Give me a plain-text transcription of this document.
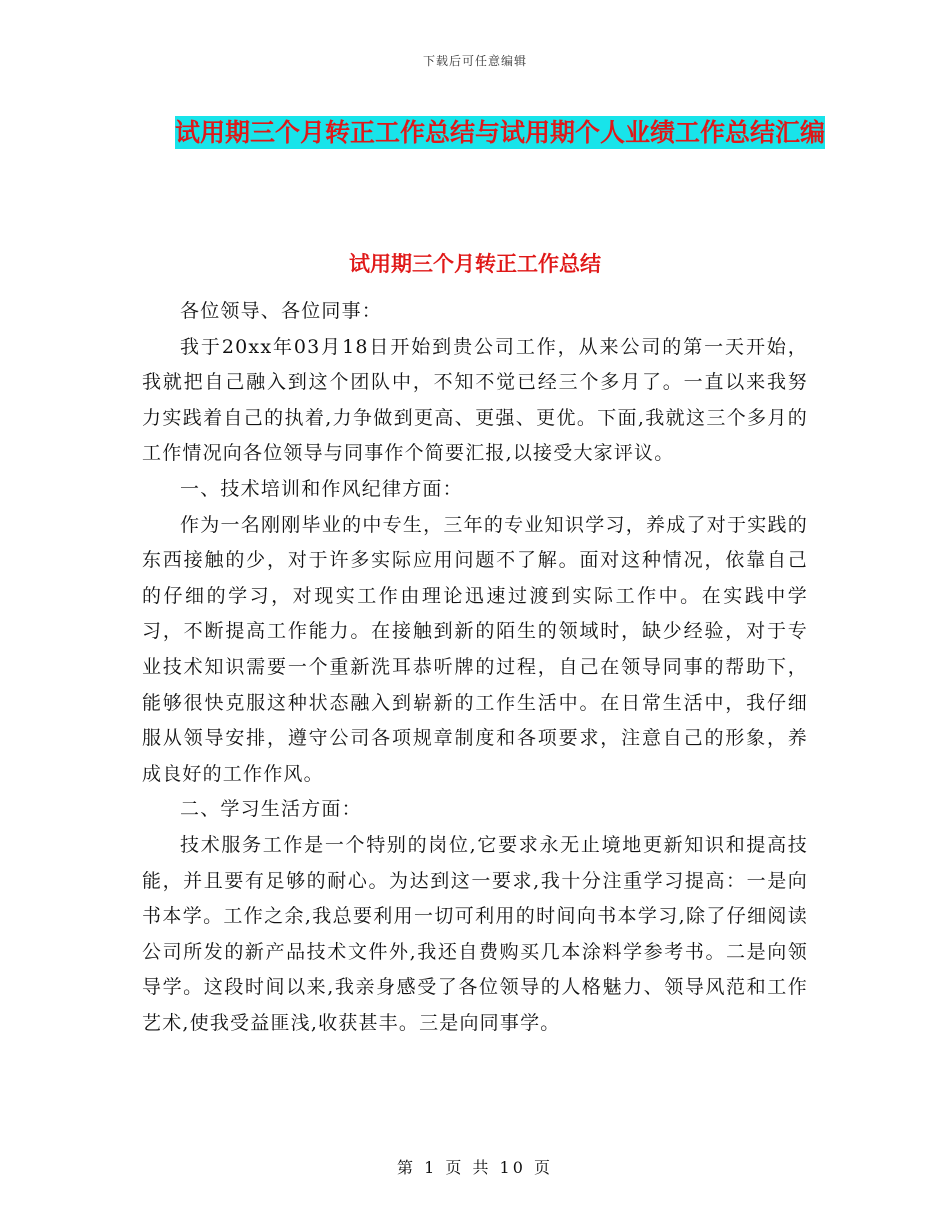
下载后可任意编辑
试用期三个月转正工作总结与试用期个人业绩工作总结汇编
试用期三个月转正工作总结

各位领导、各位同事：

我于20xx年03月18日开始到贵公司工作，从来公司的第一天开始，我就把自己融入到这个团队中，不知不觉已经三个多月了。一直以来我努力实践着自己的执着,力争做到更高、更强、更优。下面,我就这三个多月的工作情况向各位领导与同事作个简要汇报,以接受大家评议。

一、技术培训和作风纪律方面：

作为一名刚刚毕业的中专生，三年的专业知识学习，养成了对于实践的东西接触的少，对于许多实际应用问题不了解。面对这种情况，依靠自己的仔细的学习，对现实工作由理论迅速过渡到实际工作中。在实践中学习，不断提高工作能力。在接触到新的陌生的领域时，缺少经验，对于专业技术知识需要一个重新洗耳恭听牌的过程，自己在领导同事的帮助下，能够很快克服这种状态融入到崭新的工作生活中。在日常生活中，我仔细服从领导安排，遵守公司各项规章制度和各项要求，注意自己的形象，养成良好的工作作风。

二、学习生活方面：

技术服务工作是一个特别的岗位,它要求永无止境地更新知识和提高技能，并且要有足够的耐心。为达到这一要求,我十分注重学习提高：一是向书本学。工作之余,我总要利用一切可利用的时间向书本学习,除了仔细阅读公司所发的新产品技术文件外,我还自费购买几本涂料学参考书。二是向领导学。这段时间以来,我亲身感受了各位领导的人格魅力、领导风范和工作艺术,使我受益匪浅,收获甚丰。三是向同事学。

第 1 页 共 10 页
